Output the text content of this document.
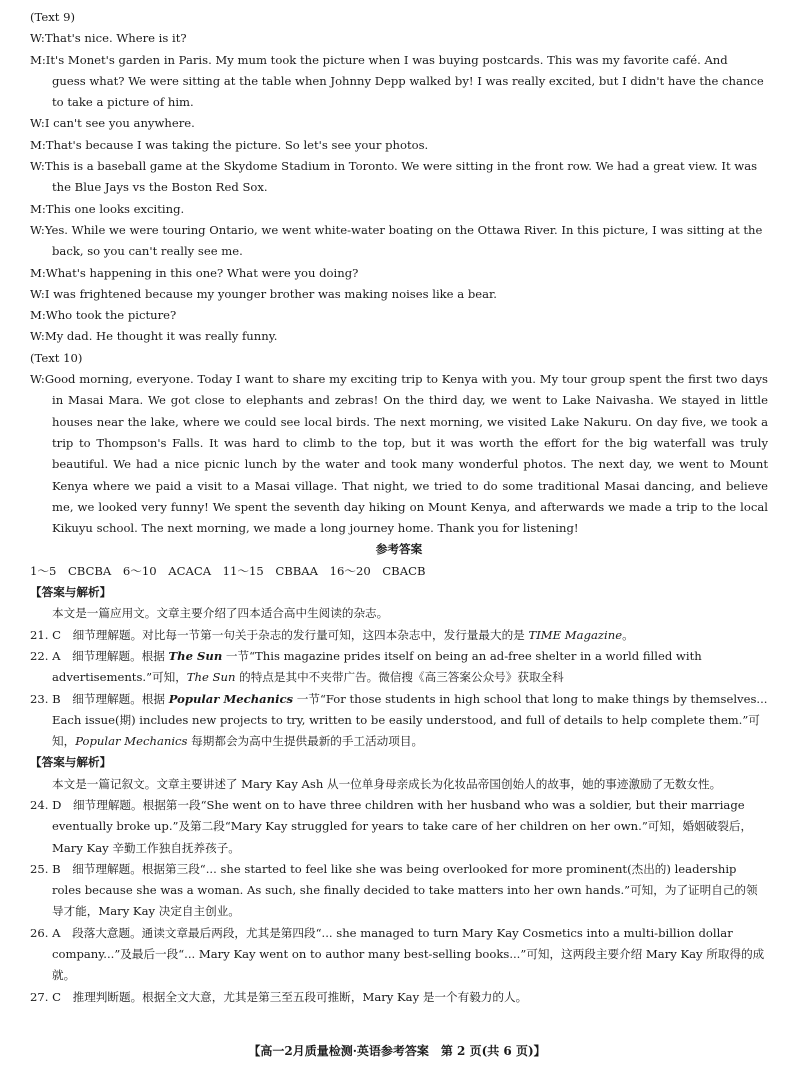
(Text 9)
W:That's nice. Where is it?
M:It's Monet's garden in Paris. My mum took the picture when I was buying postcards. This was my favorite café. And guess what? We were sitting at the table when Johnny Depp walked by! I was really excited, but I didn't have the chance to take a picture of him.
W:I can't see you anywhere.
M:That's because I was taking the picture. So let's see your photos.
W:This is a baseball game at the Skydome Stadium in Toronto. We were sitting in the front row. We had a great view. It was the Blue Jays vs the Boston Red Sox.
M:This one looks exciting.
W:Yes. While we were touring Ontario, we went white-water boating on the Ottawa River. In this picture, I was sitting at the back, so you can't really see me.
M:What's happening in this one? What were you doing?
W:I was frightened because my younger brother was making noises like a bear.
M:Who took the picture?
W:My dad. He thought it was really funny.
(Text 10)
W:Good morning, everyone. Today I want to share my exciting trip to Kenya with you. My tour group spent the first two days in Masai Mara. We got close to elephants and zebras! On the third day, we went to Lake Naivasha. We stayed in little houses near the lake, where we could see local birds. The next morning, we visited Lake Nakuru. On day five, we took a trip to Thompson's Falls. It was hard to climb to the top, but it was worth the effort for the big waterfall was truly beautiful. We had a nice picnic lunch by the water and took many wonderful photos. The next day, we went to Mount Kenya where we paid a visit to a Masai village. That night, we tried to do some traditional Masai dancing, and believe me, we looked very funny! We spent the seventh day hiking on Mount Kenya, and afterwards we made a trip to the local Kikuyu school. The next morning, we made a long journey home. Thank you for listening!
参考答案
1～5　CBCBA　6～10　ACACA　11～15　CBBAA　16～20　CBACB
【答案与解析】
本文是一篇应用文。文章主要介绍了四本适合高中生阅读的杂志。
21. C　 细节理解题。对比每一节第一句关于杂志的发行量可知，这四本杂志中，发行量最大的是 TIME Magazine。
22. A　 细节理解题。根据 The Sun 一节“This magazine prides itself on being an ad-free shelter in a world filled with advertisements.”可知，The Sun 的特点是其中不夹带广告。微信搜《高三答案公众号》获取全科
23. B　 细节理解题。根据 Popular Mechanics 一节“For those students in high school that long to make things by themselves... Each issue(期) includes new projects to try, written to be easily understood, and full of details to help complete them.”可知，Popular Mechanics 每期都会为高中生提供最新的手工活动项目。
【答案与解析】
本文是一篇记叙文。文章主要讲述了 Mary Kay Ash 从一位单身母亲成长为化妆品帝国创始人的故事，她的事迹激励了无数女性。
24. D　 细节理解题。根据第一段“She went on to have three children with her husband who was a soldier, but their marriage eventually broke up.”及第二段“Mary Kay struggled for years to take care of her children on her own.”可知，婚姻破裂后，Mary Kay 辛勤工作独自抚养孩子。
25. B　 细节理解题。根据第三段“... she started to feel like she was being overlooked for more prominent(杰出的) leadership roles because she was a woman. As such, she finally decided to take matters into her own hands.”可知，为了证明自己的领导才能，Mary Kay 决定自主创业。
26. A　 段落大意题。通读文章最后两段，尤其是第四段“... she managed to turn Mary Kay Cosmetics into a multi-billion dollar company...”及最后一段“... Mary Kay went on to author many best-selling books...”可知，这两段主要介绍 Mary Kay 所取得的成就。
27. C　 推理判断题。根据全文大意，尤其是第三至五段可推断，Mary Kay 是一个有毅力的人。
【高一2月质量检测·英语参考答案　第 2 页(共 6 页)】
